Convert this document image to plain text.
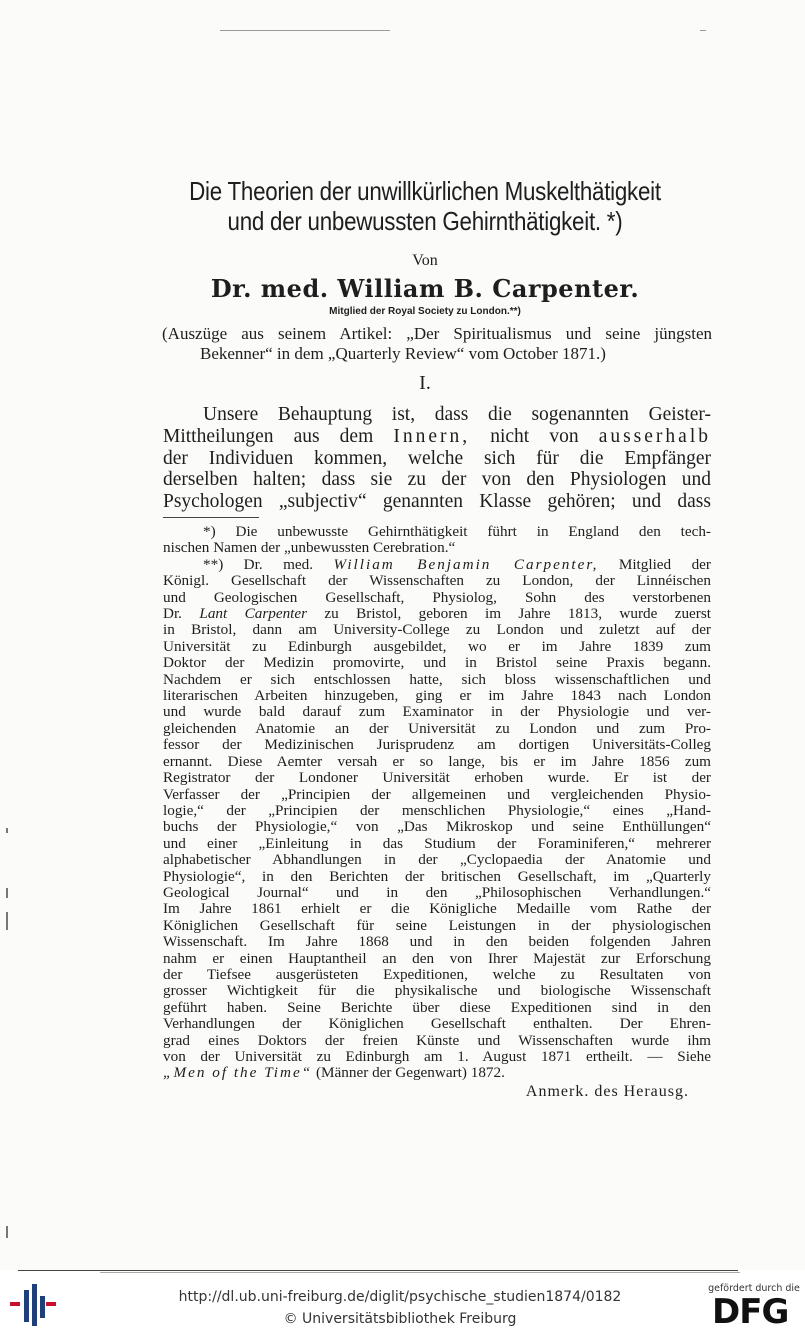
Die Theorien der unwillkürlichen Muskelthätigkeit
und der unbewussten Gehirnthätigkeit. *)
Von
Dr. med. William B. Carpenter.
Mitglied der Royal Society zu London.**)

(Auszüge aus seinem Artikel: „Der Spiritualismus und seine jüngsten

Bekenner“ in dem „Quarterly Review“ vom October 1871.)

I.
Unsere Behauptung ist, dass die sogenannten Geister-
Mittheilungen aus dem Innern, nicht von ausserhalb
der Individuen kommen, welche sich für die Empfänger
derselben halten; dass sie zu der von den Physiologen und
Psychologen „subjectiv“ genannten Klasse gehören; und dass
*) Die unbewusste Gehirnthätigkeit führt in England den tech-
nischen Namen der „unbewussten Cerebration.“
**) Dr. med. William Benjamin Carpenter, Mitglied der
Königl. Gesellschaft der Wissenschaften zu London, der Linnéischen
und Geologischen Gesellschaft, Physiolog, Sohn des verstorbenen
Dr. Lant Carpenter zu Bristol, geboren im Jahre 1813, wurde zuerst
in Bristol, dann am University-College zu London und zuletzt auf der
Universität zu Edinburgh ausgebildet, wo er im Jahre 1839 zum
Doktor der Medizin promovirte, und in Bristol seine Praxis begann.
Nachdem er sich entschlossen hatte, sich bloss wissenschaftlichen und
literarischen Arbeiten hinzugeben, ging er im Jahre 1843 nach London
und wurde bald darauf zum Examinator in der Physiologie und ver-
gleichenden Anatomie an der Universität zu London und zum Pro-
fessor der Medizinischen Jurisprudenz am dortigen Universitäts-Colleg
ernannt. Diese Aemter versah er so lange, bis er im Jahre 1856 zum
Registrator der Londoner Universität erhoben wurde. Er ist der
Verfasser der „Principien der allgemeinen und vergleichenden Physio-
logie,“ der „Principien der menschlichen Physiologie,“ eines „Hand-
buchs der Physiologie,“ von „Das Mikroskop und seine Enthüllungen“
und einer „Einleitung in das Studium der Foraminiferen,“ mehrerer
alphabetischer Abhandlungen in der „Cyclopaedia der Anatomie und
Physiologie“, in den Berichten der britischen Gesellschaft, im „Quarterly
Geological Journal“ und in den „Philosophischen Verhandlungen.“
Im Jahre 1861 erhielt er die Königliche Medaille vom Rathe der
Königlichen Gesellschaft für seine Leistungen in der physiologischen
Wissenschaft. Im Jahre 1868 und in den beiden folgenden Jahren
nahm er einen Hauptantheil an den von Ihrer Majestät zur Erforschung
der Tiefsee ausgerüsteten Expeditionen, welche zu Resultaten von
grosser Wichtigkeit für die physikalische und biologische Wissenschaft
geführt haben. Seine Berichte über diese Expeditionen sind in den
Verhandlungen der Königlichen Gesellschaft enthalten. Der Ehren-
grad eines Doktors der freien Künste und Wissenschaften wurde ihm
von der Universität zu Edinburgh am 1. August 1871 ertheilt. — Siehe
„Men of the Time“ (Männer der Gegenwart) 1872.
Anmerk. des Herausg.
http://dl.ub.uni-freiburg.de/diglit/psychische_studien1874/0182
© Universitätsbibliothek Freiburg
gefördert durch die
DFG
